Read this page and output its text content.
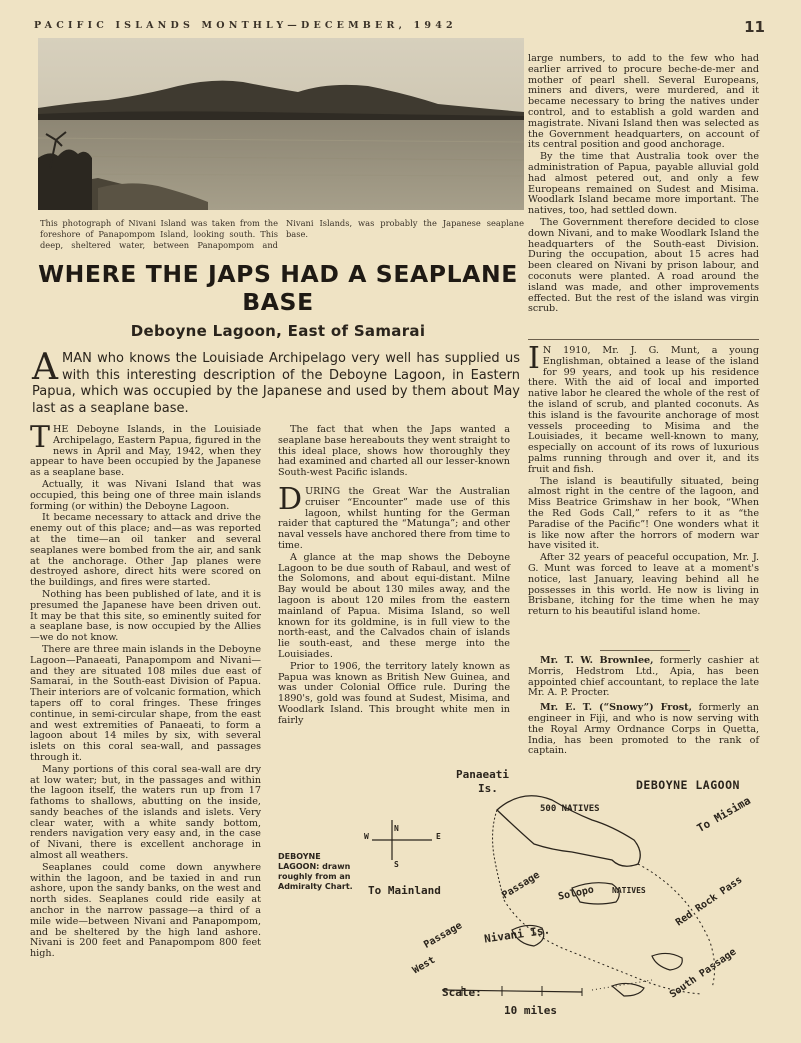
PACIFIC ISLANDS MONTHLY—DECEMBER, 1942	11
This photograph of Nivani Island was taken from the foreshore of Panapompom Island, looking south. This deep, sheltered water, between Panapompom and Nivani Islands, was probably the Japanese seaplane base.
WHERE THE JAPS HAD A SEAPLANE BASE
Deboyne Lagoon, East of Samarai
A MAN who knows the Louisiade Archipelago very well has supplied us with this interesting description of the Deboyne Lagoon, in Eastern Papua, which was occupied by the Japanese and used by them about May last as a seaplane base.

THE Deboyne Islands, in the Louisiade Archipelago, Eastern Papua, figured in the news in April and May, 1942, when they appear to have been occupied by the Japanese as a seaplane base.

Actually, it was Nivani Island that was occupied, this being one of three main islands forming (or within) the Deboyne Lagoon.

It became necessary to attack and drive the enemy out of this place; and—as was reported at the time—an oil tanker and several seaplanes were bombed from the air, and sank at the anchorage. Other Jap planes were destroyed ashore, direct hits were scored on the buildings, and fires were started.

Nothing has been published of late, and it is presumed the Japanese have been driven out. It may be that this site, so eminently suited for a seaplane base, is now occupied by the Allies—we do not know.

There are three main islands in the Deboyne Lagoon—Panaeati, Panapompom and Nivani—and they are situated 108 miles due east of Samarai, in the South-east Division of Papua. Their interiors are of volcanic formation, which tapers off to coral fringes. These fringes continue, in semi-circular shape, from the east and west extremities of Panaeati, to form a lagoon about 14 miles by six, with several islets on this coral sea-wall, and passages through it.

Many portions of this coral sea-wall are dry at low water; but, in the passages and within the lagoon itself, the waters run up from 17 fathoms to shallows, abutting on the inside, sandy beaches of the islands and islets. Very clear water, with a white sandy bottom, renders navigation very easy and, in the case of Nivani, there is excellent anchorage in almost all weathers.

Seaplanes could come down anywhere within the lagoon, and be taxied in and run ashore, upon the sandy banks, on the west and north sides. Seaplanes could ride easily at anchor in the narrow passage—a third of a mile wide—between Nivani and Panapompom, and be sheltered by the high land ashore. Nivani is 200 feet and Panapompom 800 feet high.

The fact that when the Japs wanted a seaplane base hereabouts they went straight to this ideal place, shows how thoroughly they had examined and charted all our lesser-known South-west Pacific islands.

DURING the Great War the Australian cruiser “Encounter” made use of this lagoon, whilst hunting for the German raider that captured the “Matunga”; and other naval vessels have anchored there from time to time.

A glance at the map shows the Deboyne Lagoon to be due south of Rabaul, and west of the Solomons, and about equi-distant. Milne Bay would be about 130 miles away, and the lagoon is about 120 miles from the eastern mainland of Papua. Misima Island, so well known for its goldmine, is in full view to the north-east, and the Calvados chain of islands lie south-east, and these merge into the Louisiades.

Prior to 1906, the territory lately known as Papua was known as British New Guinea, and was under Colonial Office rule. During the 1890's, gold was found at Sudest, Misima, and Woodlark Island. This brought white men in fairly

large numbers, to add to the few who had earlier arrived to procure beche-de-mer and mother of pearl shell. Several Europeans, miners and divers, were murdered, and it became necessary to bring the natives under control, and to establish a gold warden and magistrate. Nivani Island then was selected as the Government headquarters, on account of its central position and good anchorage.

By the time that Australia took over the administration of Papua, payable alluvial gold had almost petered out, and only a few Europeans remained on Sudest and Misima. Woodlark Island became more important. The natives, too, had settled down.

The Government therefore decided to close down Nivani, and to make Woodlark Island the headquarters of the South-east Division. During the occupation, about 15 acres had been cleared on Nivani by prison labour, and coconuts were planted. A road around the island was made, and other improvements effected. But the rest of the island was virgin scrub.

I N 1910, Mr. J. G. Munt, a young Englishman, obtained a lease of the island for 99 years, and took up his residence there. With the aid of local and imported native labor he cleared the whole of the rest of the island of scrub, and planted coconuts. As this island is the favourite anchorage of most vessels proceeding to Misima and the Louisiades, it became well-known to many, especially on account of its rows of luxurious palms running through and over it, and its fruit and fish.

The island is beautifully situated, being almost right in the centre of the lagoon, and Miss Beatrice Grimshaw in her book, “When the Red Gods Call,” refers to it as “the Paradise of the Pacific”! One wonders what it is like now after the horrors of modern war have visited it.

After 32 years of peaceful occupation, Mr. J. G. Munt was forced to leave at a moment's notice, last January, leaving behind all he possesses in this world. He now is living in Brisbane, itching for the time when he may return to his beautiful island home.

Mr. T. W. Brownlee, formerly cashier at Morris, Hedstrom Ltd., Apia, has been appointed chief accountant, to replace the late Mr. A. P. Procter.

Mr. E. T. (“Snowy”) Frost, formerly an engineer in Fiji, and who is now serving with the Royal Army Ordnance Corps in Quetta, India, has been promoted to the rank of captain.

DEBOYNE LAGOON
DEBOYNE LAGOON: drawn roughly from an Admiralty Chart.
Panaeati
Is.
500 NATIVES
N
S
E
W
To Mainland
To Misima
Passage
Passage
West
Nivani Is.
Solopo NATIVES	Red Rock Pass
South Passage
Scale:
10 miles
